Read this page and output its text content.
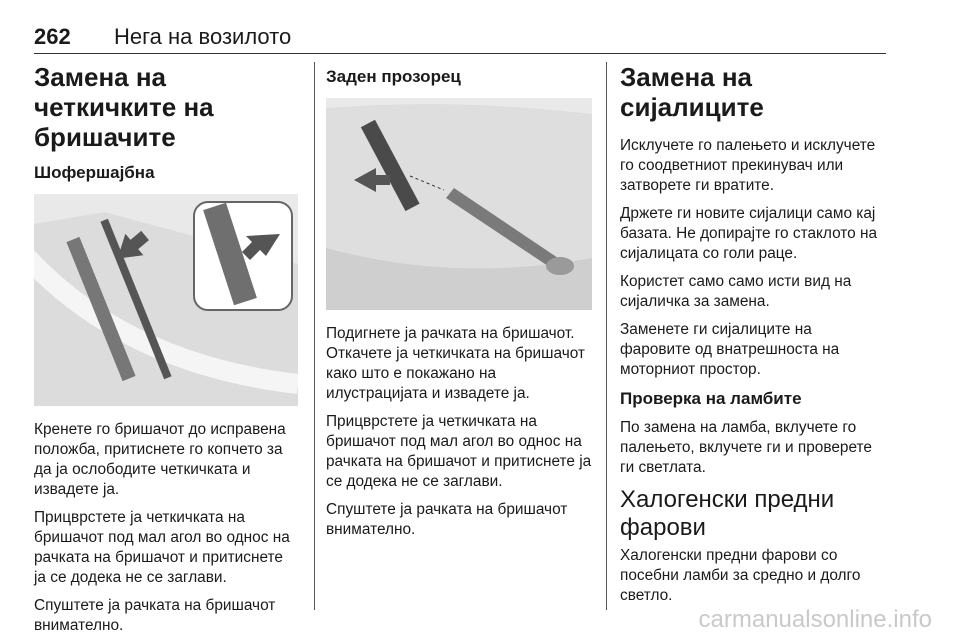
262 Нега на возилото
Замена на четкичките на бришачите
Шофершајбна

Кренете го бришачот до исправена положба, притиснете го копчето за да ја ослободите четкичката и извадете ја.

Прицврстете ја четкичката на бришачот под мал агол во однос на рачката на бришачот и притиснете ја се додека не се заглави.

Спуштете ја рачката на бришачот внимателно.

Заден прозорец

Подигнете ја рачката на бришачот. Откачете ја четкичката на бришачот како што е покажано на илустрацијата и извадете ја.

Прицврстете ја четкичката на бришачот под мал агол во однос на рачката на бришачот и притиснете ја се додека не се заглави.

Спуштете ја рачката на бришачот внимателно.

Замена на сијалиците

Исклучете го палењето и исклучете го соодветниот прекинувач или затворете ги вратите.

Држете ги новите сијалици само кај базата. Не допирајте го стаклото на сијалицата со голи раце.

Користет само само исти вид на сијаличка за замена.

Заменете ги сијалиците на фаровите од внатрешноста на моторниот простор.

Проверка на ламбите

По замена на ламба, вклучете го палењето, вклучете ги и проверете ги светлата.

Халогенски предни фарови

Халогенски предни фарови со посебни ламби за средно и долго светло.

carmanualsonline.info
